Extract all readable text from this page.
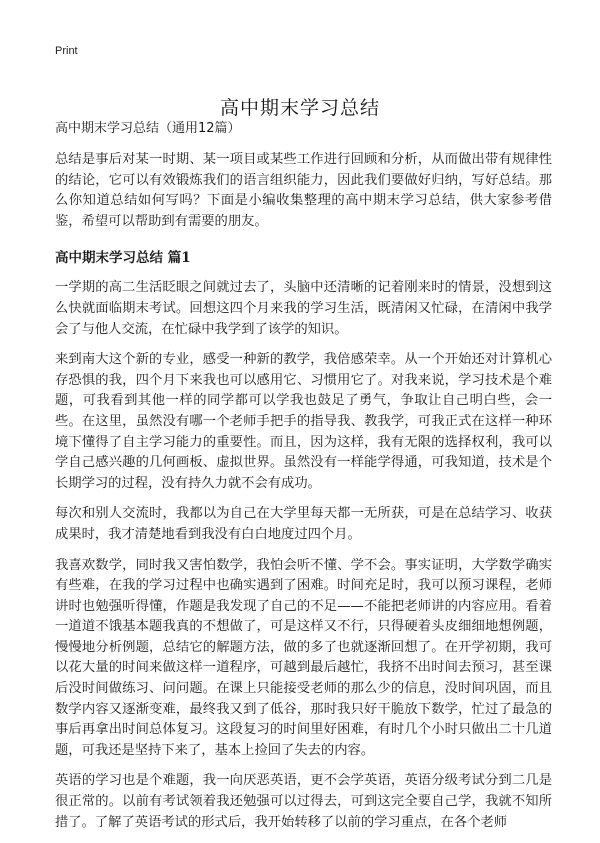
Print
高中期末学习总结
高中期末学习总结（通用12篇）

总结是事后对某一时期、某一项目或某些工作进行回顾和分析，从而做出带有规律性的结论，它可以有效锻炼我们的语言组织能力，因此我们要做好归纳，写好总结。那么你知道总结如何写吗？下面是小编收集整理的高中期末学习总结，供大家参考借鉴，希望可以帮助到有需要的朋友。

高中期末学习总结 篇1

一学期的高二生活眨眼之间就过去了，头脑中还清晰的记着刚来时的情景，没想到这么快就面临期末考试。回想这四个月来我的学习生活，既清闲又忙碌，在清闲中我学会了与他人交流，在忙碌中我学到了该学的知识。

来到南大这个新的专业，感受一种新的教学，我倍感荣幸。从一个开始还对计算机心存恐惧的我，四个月下来我也可以感用它、习惯用它了。对我来说，学习技术是个难题，可我看到其他一样的同学都可以学我也鼓足了勇气，争取让自己明白些，会一些。在这里，虽然没有哪一个老师手把手的指导我、教我学，可我正式在这样一种环境下懂得了自主学习能力的重要性。而且，因为这样，我有无限的选择权利，我可以学自己感兴趣的几何画板、虚拟世界。虽然没有一样能学得通，可我知道，技术是个长期学习的过程，没有持久力就不会有成功。

每次和别人交流时，我都以为自己在大学里每天都一无所获，可是在总结学习、收获成果时，我才清楚地看到我没有白白地度过四个月。

我喜欢数学，同时我又害怕数学，我怕会听不懂、学不会。事实证明，大学数学确实有些难，在我的学习过程中也确实遇到了困难。时间充足时，我可以预习课程，老师讲时也勉强听得懂，作题是我发现了自己的不足——不能把老师讲的内容应用。看着一道道不饿基本题我真的不想做了，可是这样又不行，只得硬着头皮细细地想例题，慢慢地分析例题，总结它的解题方法，做的多了也就逐渐回想了。在开学初期，我可以花大量的时间来做这样一道程序，可越到最后越忙，我挤不出时间去预习，甚至课后没时间做练习、问问题。在课上只能接受老师的那么少的信息，没时间巩固，而且数学内容又逐渐变难，最终我又到了低谷，那时我只好干脆放下数学，忙过了最急的事后再拿出时间总体复习。这段复习的时间里好困难，有时几个小时只做出二十几道题，可我还是坚持下来了，基本上捡回了失去的内容。

英语的学习也是个难题，我一向厌恶英语，更不会学英语，英语分级考试分到二几是很正常的。以前有考试领着我还勉强可以过得去，可到这完全要自己学，我就不知所措了。了解了英语考试的形式后，我开始转移了以前的学习重点，在各个老师
